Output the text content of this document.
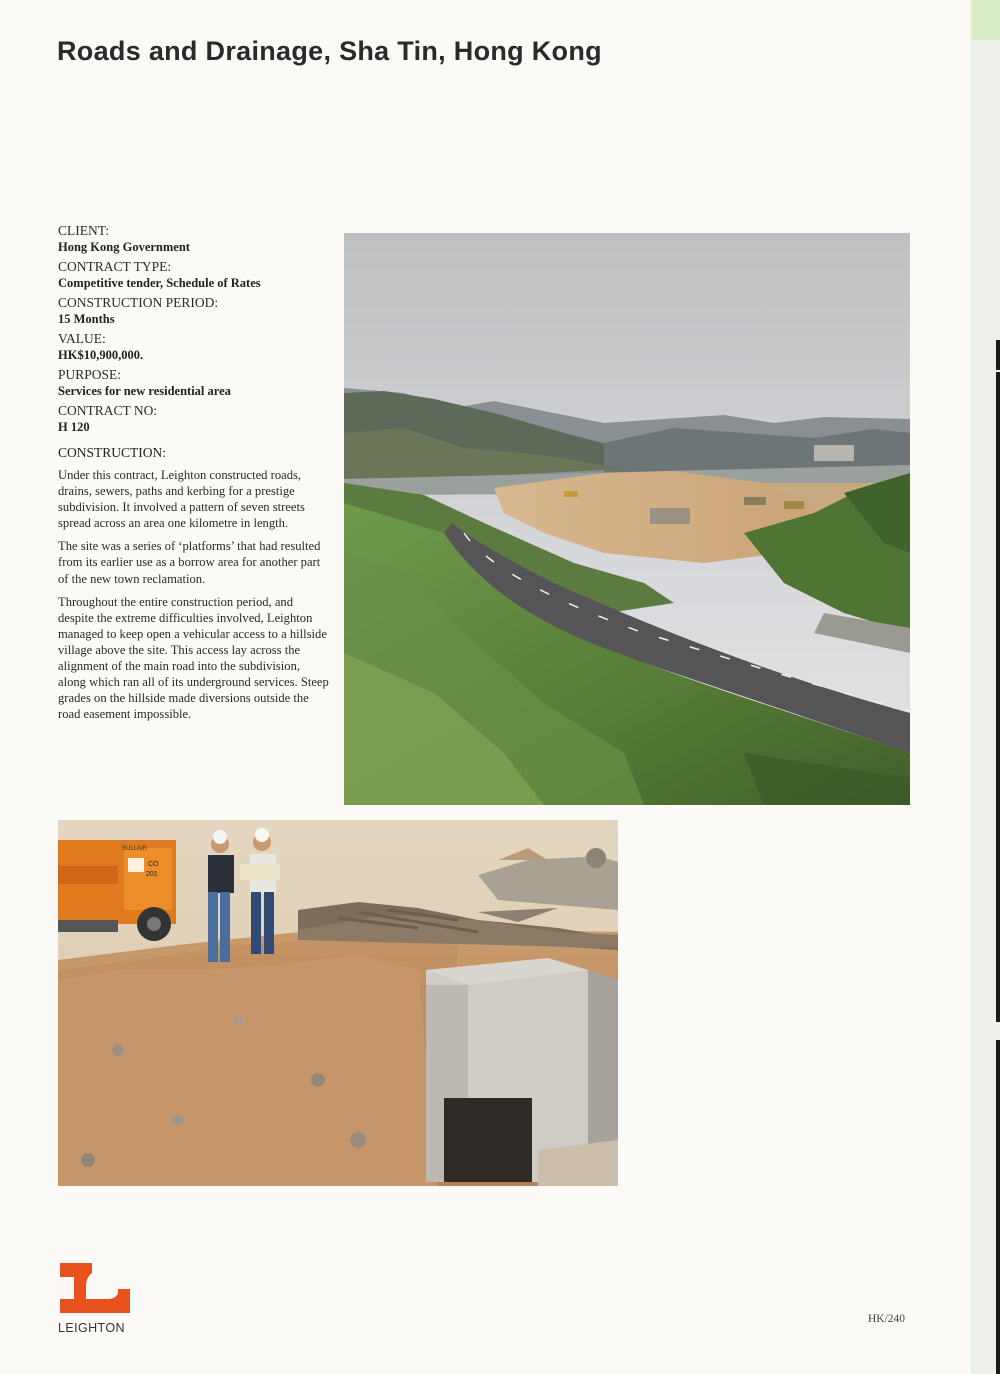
Roads and Drainage, Sha Tin, Hong Kong
CLIENT:
Hong Kong Government
CONTRACT TYPE:
Competitive tender, Schedule of Rates
CONSTRUCTION PERIOD:
15 Months
VALUE:
HK$10,900,000.
PURPOSE:
Services for new residential area
CONTRACT NO:
H 120
CONSTRUCTION:

Under this contract, Leighton constructed roads, drains, sewers, paths and kerbing for a prestige subdivision. It involved a pattern of seven streets spread across an area one kilometre in length.

The site was a series of ‘platforms’ that had resulted from its earlier use as a borrow area for another part of the new town reclamation.

Throughout the entire construction period, and despite the extreme difficulties involved, Leighton managed to keep open a vehicular access to a hillside village above the site. This access lay across the alignment of the main road into the subdivision, along which ran all of its underground services. Steep grades on the hillside made diversions outside the road easement impossible.

SULLAIR
CO
201
LEIGHTON
HK/240
